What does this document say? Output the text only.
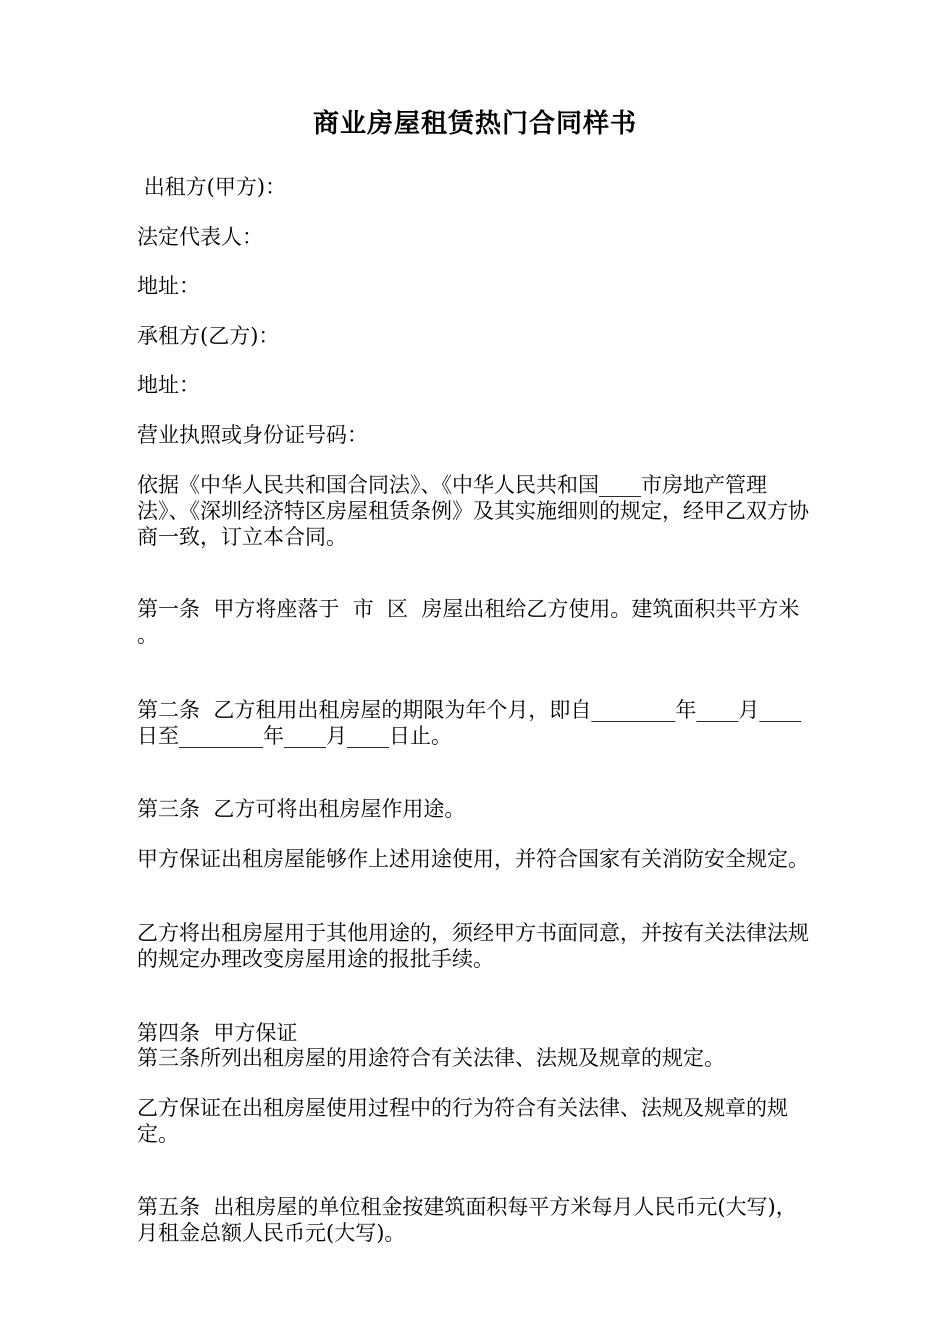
商业房屋租赁热门合同样书
出租方(甲方)：
法定代表人：
地址：
承租方(乙方)：
地址：
营业执照或身份证号码：
依据《中华人民共和国合同法》、《中华人民共和国____市房地产管理法》、《深圳经济特区房屋租赁条例》及其实施细则的规定，经甲乙双方协商一致，订立本合同。
第一条  甲方将座落于  市  区  房屋出租给乙方使用。建筑面积共平方米  。
第二条  乙方租用出租房屋的期限为年个月，即自________年____月____日至________年____月____日止。
第三条  乙方可将出租房屋作用途。
甲方保证出租房屋能够作上述用途使用，并符合国家有关消防安全规定。
乙方将出租房屋用于其他用途的，须经甲方书面同意，并按有关法律法规的规定办理改变房屋用途的报批手续。
第四条  甲方保证
第三条所列出租房屋的用途符合有关法律、法规及规章的规定。
乙方保证在出租房屋使用过程中的行为符合有关法律、法规及规章的规定。
第五条  出租房屋的单位租金按建筑面积每平方米每月人民币元(大写)，月租金总额人民币元(大写)。
